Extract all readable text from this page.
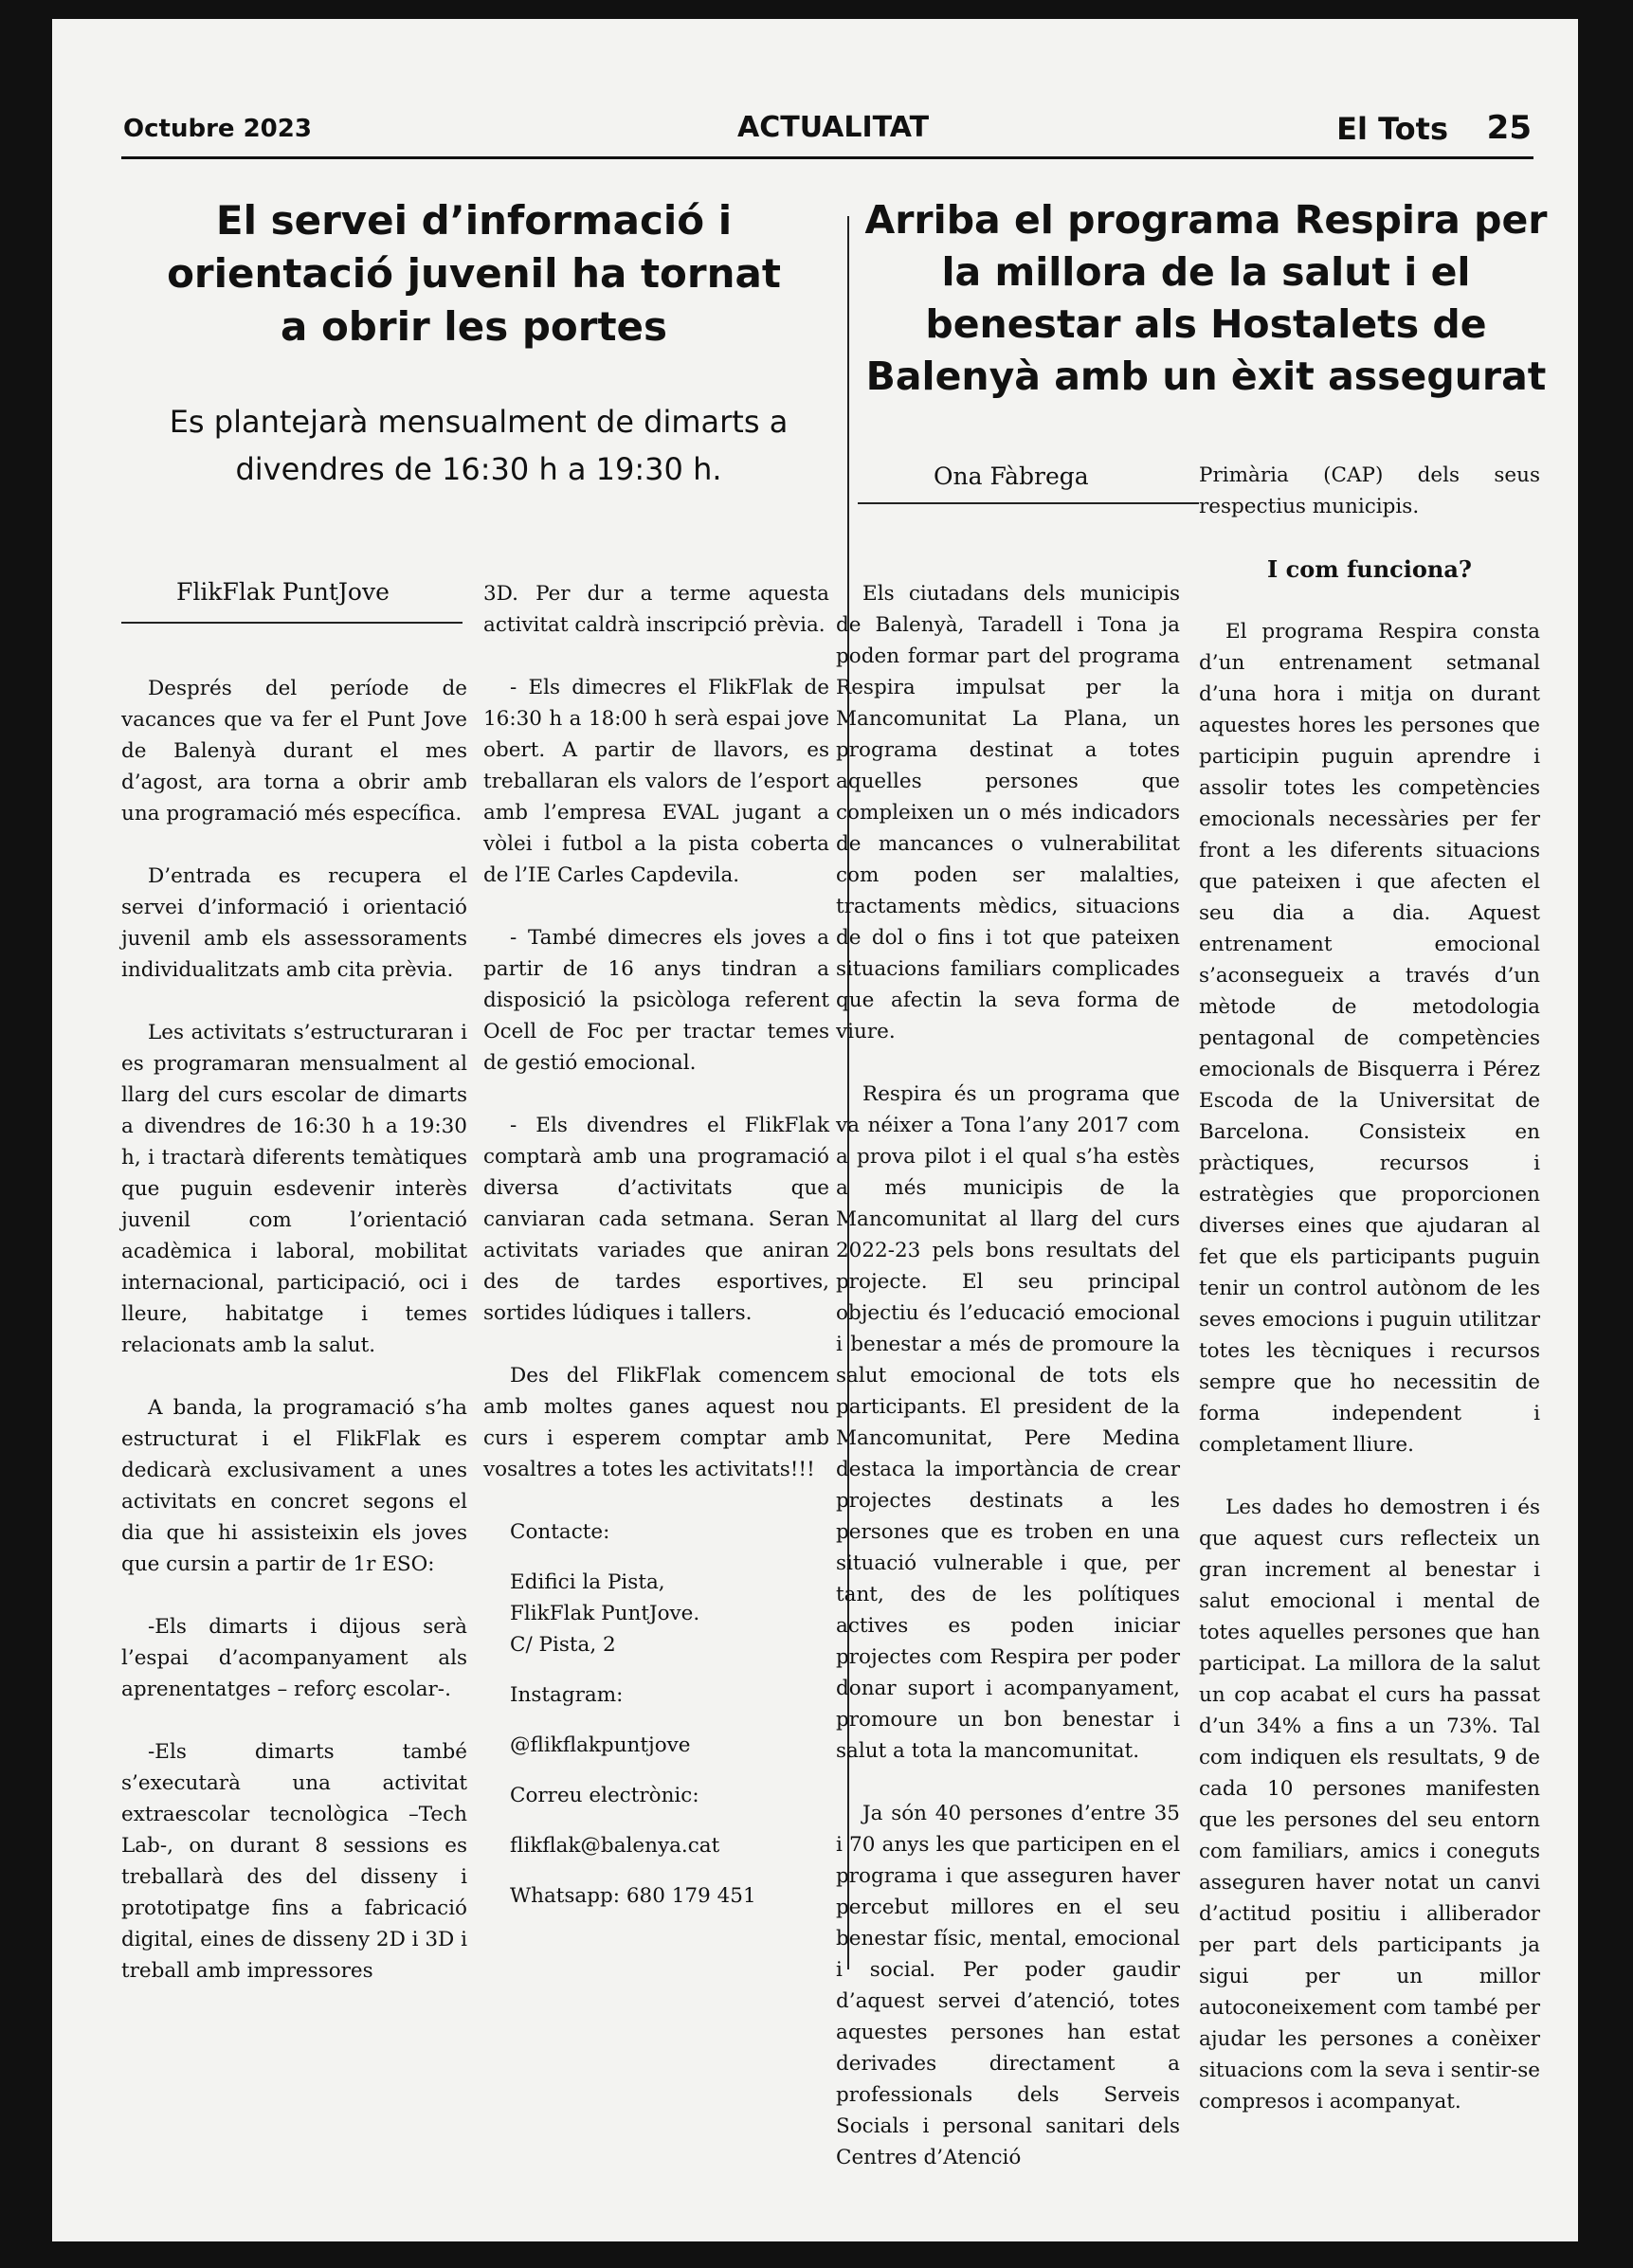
Octubre 2023	ACTUALITAT	El Tots 25
El servei d’informació i orientació juvenil ha tornat a obrir les portes

Es plantejarà mensualment de dimarts a divendres de 16:30 h a 19:30 h.

FlikFlak PuntJove

Després del període de vacances que va fer el Punt Jove de Balenyà durant el mes d’agost, ara torna a obrir amb una programació més específica.

D’entrada es recupera el servei d’informació i orientació juvenil amb els assessoraments individualitzats amb cita prèvia.

Les activitats s’estructuraran i es programaran mensualment al llarg del curs escolar de dimarts a divendres de 16:30 h a 19:30 h, i tractarà diferents temàtiques que puguin esdevenir interès juvenil com l’orientació acadèmica i laboral, mobilitat internacional, participació, oci i lleure, habitatge i temes relacionats amb la salut.

A banda, la programació s’ha estructurat i el FlikFlak es dedicarà exclusivament a unes activitats en concret segons el dia que hi assisteixin els joves que cursin a partir de 1r ESO:

-Els dimarts i dijous serà l’espai d’acompanyament als aprenentatges – reforç escolar-.

-Els dimarts també s’executarà una activitat extraescolar tecnològica –Tech Lab-, on durant 8 sessions es treballarà des del disseny i prototipatge fins a fabricació digital, eines de disseny 2D i 3D i treball amb impressores

3D. Per dur a terme aquesta activitat caldrà inscripció prèvia.

- Els dimecres el FlikFlak de 16:30 h a 18:00 h serà espai jove obert. A partir de llavors, es treballaran els valors de l’esport amb l’empresa EVAL jugant a vòlei i futbol a la pista coberta de l’IE Carles Capdevila.

- També dimecres els joves a partir de 16 anys tindran a disposició la psicòloga referent Ocell de Foc per tractar temes de gestió emocional.

- Els divendres el FlikFlak comptarà amb una programació diversa d’activitats que canviaran cada setmana. Seran activitats variades que aniran des de tardes esportives, sortides lúdiques i tallers.

Des del FlikFlak comencem amb moltes ganes aquest nou curs i esperem comptar amb vosaltres a totes les activitats!!!

Contacte:

Edifici la Pista,

FlikFlak PuntJove.

C/ Pista, 2

Instagram:

@flikflakpuntjove

Correu electrònic:

flikflak@balenya.cat

Whatsapp: 680 179 451

Arriba el programa Respira per la millora de la salut i el benestar als Hostalets de Balenyà amb un èxit assegurat
Ona Fàbrega

Els ciutadans dels municipis de Balenyà, Taradell i Tona ja poden formar part del programa Respira impulsat per la Mancomunitat La Plana, un programa destinat a totes aquelles persones que compleixen un o més indicadors de mancances o vulnerabilitat com poden ser malalties, tractaments mèdics, situacions de dol o fins i tot que pateixen situacions familiars complicades que afectin la seva forma de viure.

Respira és un programa que va néixer a Tona l’any 2017 com a prova pilot i el qual s’ha estès a més municipis de la Mancomunitat al llarg del curs 2022-23 pels bons resultats del projecte. El seu principal objectiu és l’educació emocional i benestar a més de promoure la salut emocional de tots els participants. El president de la Mancomunitat, Pere Medina destaca la importància de crear projectes destinats a les persones que es troben en una situació vulnerable i que, per tant, des de les polítiques actives es poden iniciar projectes com Respira per poder donar suport i acompanyament, promoure un bon benestar i salut a tota la mancomunitat.

Ja són 40 persones d’entre 35 i 70 anys les que participen en el programa i que asseguren haver percebut millores en el seu benestar físic, mental, emocional i social. Per poder gaudir d’aquest servei d’atenció, totes aquestes persones han estat derivades directament a professionals dels Serveis Socials i personal sanitari dels Centres d’Atenció

Primària (CAP) dels seus respectius municipis.

I com funciona?

El programa Respira consta d’un entrenament setmanal d’una hora i mitja on durant aquestes hores les persones que participin puguin aprendre i assolir totes les competències emocionals necessàries per fer front a les diferents situacions que pateixen i que afecten el seu dia a dia. Aquest entrenament emocional s’aconsegueix a través d’un mètode de metodologia pentagonal de competències emocionals de Bisquerra i Pérez Escoda de la Universitat de Barcelona. Consisteix en pràctiques, recursos i estratègies que proporcionen diverses eines que ajudaran al fet que els participants puguin tenir un control autònom de les seves emocions i puguin utilitzar totes les tècniques i recursos sempre que ho necessitin de forma independent i completament lliure.

Les dades ho demostren i és que aquest curs reflecteix un gran increment al benestar i salut emocional i mental de totes aquelles persones que han participat. La millora de la salut un cop acabat el curs ha passat d’un 34% a fins a un 73%. Tal com indiquen els resultats, 9 de cada 10 persones manifesten que les persones del seu entorn com familiars, amics i coneguts asseguren haver notat un canvi d’actitud positiu i alliberador per part dels participants ja sigui per un millor autoconeixement com també per ajudar les persones a conèixer situacions com la seva i sentir-se compresos i acompanyat.
